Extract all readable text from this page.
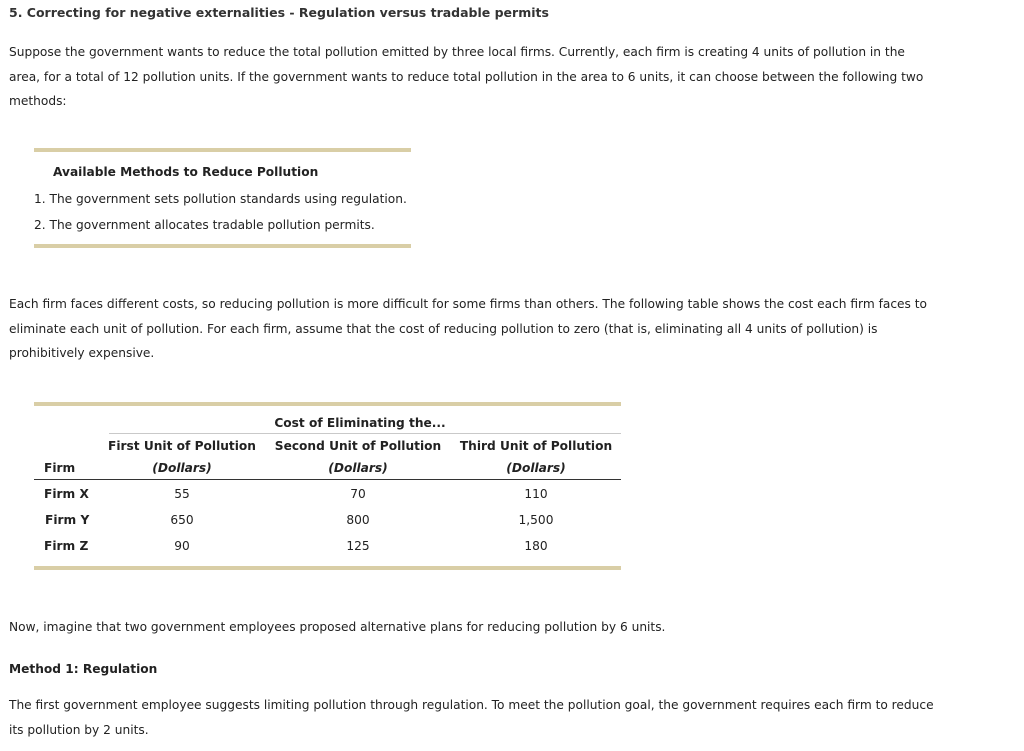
5. Correcting for negative externalities - Regulation versus tradable permits
Suppose the government wants to reduce the total pollution emitted by three local firms. Currently, each firm is creating 4 units of pollution in the
area, for a total of 12 pollution units. If the government wants to reduce total pollution in the area to 6 units, it can choose between the following two
methods:
Available Methods to Reduce Pollution
1. The government sets pollution standards using regulation.
2. The government allocates tradable pollution permits.
Each firm faces different costs, so reducing pollution is more difficult for some firms than others. The following table shows the cost each firm faces to
eliminate each unit of pollution. For each firm, assume that the cost of reducing pollution to zero (that is, eliminating all 4 units of pollution) is
prohibitively expensive.
Cost of Eliminating the...
First Unit of Pollution Second Unit of Pollution Third Unit of Pollution
Firm	(Dollars)	(Dollars)	(Dollars)
Firm X	55	70	110
Firm Y	650	800	1,500
Firm Z	90	125	180
Now, imagine that two government employees proposed alternative plans for reducing pollution by 6 units.
Method 1: Regulation
The first government employee suggests limiting pollution through regulation. To meet the pollution goal, the government requires each firm to reduce
its pollution by 2 units.
